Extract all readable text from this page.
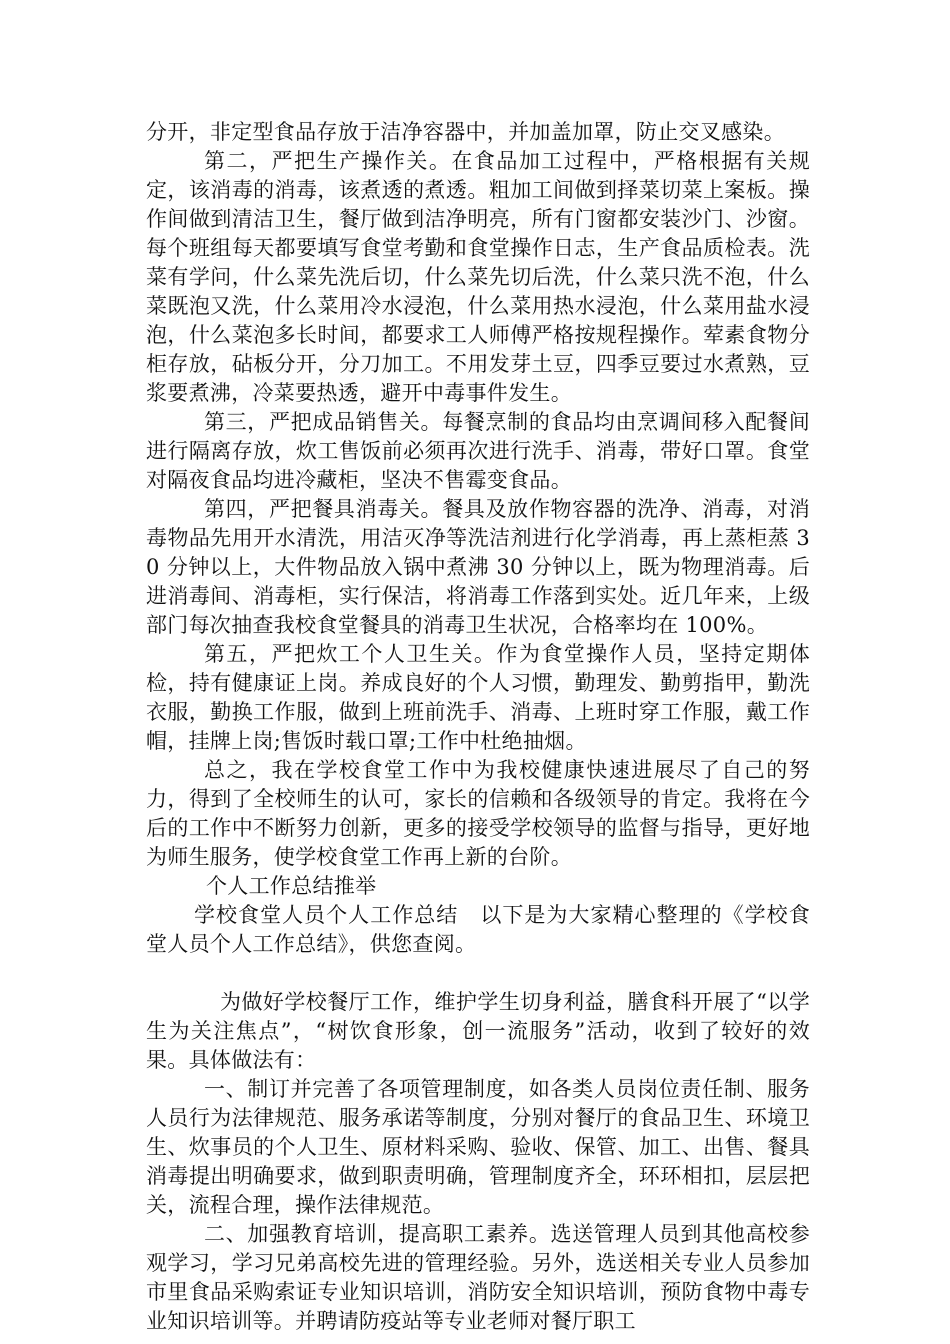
分开，非定型食品存放于洁净容器中，并加盖加罩，防止交叉感染。

第二，严把生产操作关。在食品加工过程中，严格根据有关规定，该消毒的消毒，该煮透的煮透。粗加工间做到择菜切菜上案板。操作间做到清洁卫生，餐厅做到洁净明亮，所有门窗都安装沙门、沙窗。每个班组每天都要填写食堂考勤和食堂操作日志，生产食品质检表。洗菜有学问，什么菜先洗后切，什么菜先切后洗，什么菜只洗不泡，什么菜既泡又洗，什么菜用冷水浸泡，什么菜用热水浸泡，什么菜用盐水浸泡，什么菜泡多长时间，都要求工人师傅严格按规程操作。荤素食物分柜存放，砧板分开，分刀加工。不用发芽土豆，四季豆要过水煮熟，豆浆要煮沸，冷菜要热透，避开中毒事件发生。

第三，严把成品销售关。每餐烹制的食品均由烹调间移入配餐间进行隔离存放，炊工售饭前必须再次进行洗手、消毒，带好口罩。食堂对隔夜食品均进冷藏柜，坚决不售霉变食品。

第四，严把餐具消毒关。餐具及放作物容器的洗净、消毒，对消毒物品先用开水清洗，用洁灭净等洗洁剂进行化学消毒，再上蒸柜蒸 30 分钟以上，大件物品放入锅中煮沸 30 分钟以上，既为物理消毒。后进消毒间、消毒柜，实行保洁，将消毒工作落到实处。近几年来，上级部门每次抽查我校食堂餐具的消毒卫生状况，合格率均在 100%。

第五，严把炊工个人卫生关。作为食堂操作人员，坚持定期体检，持有健康证上岗。养成良好的个人习惯，勤理发、勤剪指甲，勤洗衣服，勤换工作服，做到上班前洗手、消毒、上班时穿工作服，戴工作帽，挂牌上岗;售饭时载口罩;工作中杜绝抽烟。

总之，我在学校食堂工作中为我校健康快速进展尽了自己的努力，得到了全校师生的认可，家长的信赖和各级领导的肯定。我将在今后的工作中不断努力创新，更多的接受学校领导的监督与指导，更好地为师生服务，使学校食堂工作再上新的台阶。

个人工作总结推举

学校食堂人员个人工作总结　以下是为大家精心整理的《学校食堂人员个人工作总结》，供您查阅。

为做好学校餐厅工作，维护学生切身利益，膳食科开展了“以学生为关注焦点”，“树饮食形象，创一流服务”活动，收到了较好的效果。具体做法有：

一、制订并完善了各项管理制度，如各类人员岗位责任制、服务人员行为法律规范、服务承诺等制度，分别对餐厅的食品卫生、环境卫生、炊事员的个人卫生、原材料采购、验收、保管、加工、出售、餐具消毒提出明确要求，做到职责明确，管理制度齐全，环环相扣，层层把关，流程合理，操作法律规范。

二、加强教育培训，提高职工素养。选送管理人员到其他高校参观学习，学习兄弟高校先进的管理经验。另外，选送相关专业人员参加市里食品采购索证专业知识培训，消防安全知识培训，预防食物中毒专业知识培训等。并聘请防疫站等专业老师对餐厅职工
